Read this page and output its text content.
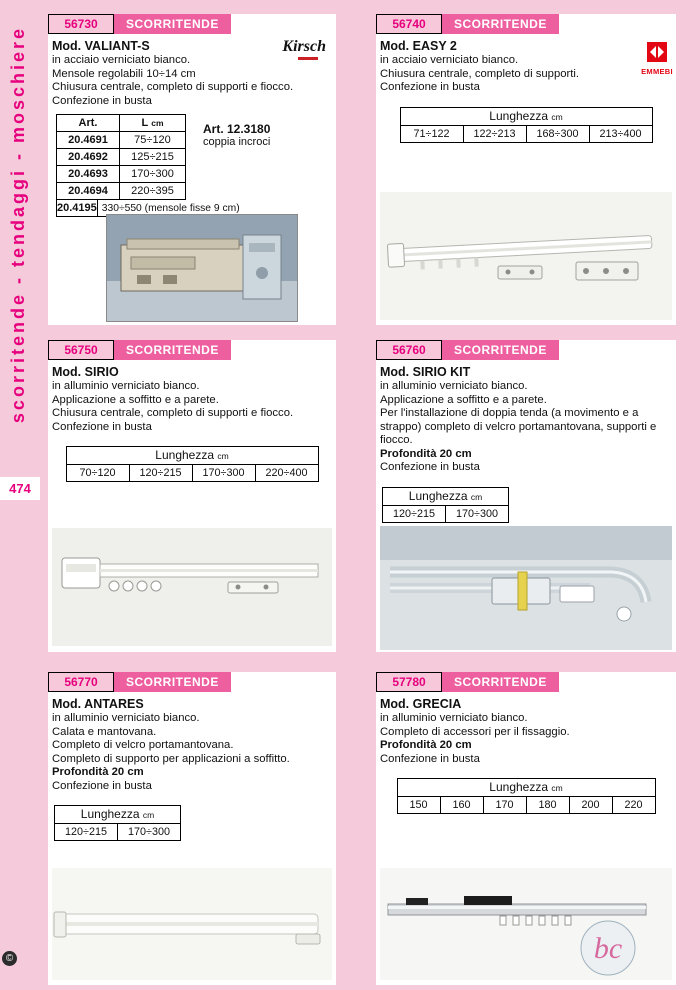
scorritende - tendaggi - moschiere
474
©
56730	SCORRITENDE
Kirsch
Mod. VALIANT-S

in acciaio verniciato bianco.

Mensole regolabili 10÷14 cm

Chiusura centrale, completo di supporti e fiocco.

Confezione in busta

Art.	L
cm
20.4691	75÷120
20.4692	125÷215
20.4693	170÷300
20.4694	220÷395
20.4195 330÷550 (mensole fisse 9 cm)

Art. 12.3180

coppia incroci

56740	SCORRITENDE
EMMEBI
Mod. EASY 2

in acciaio verniciato bianco.

Chiusura centrale, completo di supporti.

Confezione in busta

Lunghezza cm
71÷122	122÷213	168÷300	213÷400
56750	SCORRITENDE
Mod. SIRIO

in alluminio verniciato bianco.

Applicazione a soffitto e a parete.

Chiusura centrale, completo di supporti e fiocco.

Confezione in busta

Lunghezza cm
70÷120	120÷215	170÷300	220÷400
56760	SCORRITENDE
Mod. SIRIO KIT

in alluminio verniciato bianco.

Applicazione a soffitto e a parete.

Per l'installazione di doppia tenda (a movimento e a strappo) completo di velcro portamantovana, supporti e fiocco.

Profondità 20 cm

Confezione in busta

Lunghezza cm
120÷215	170÷300
56770	SCORRITENDE
Mod. ANTARES

in alluminio verniciato bianco.

Calata e mantovana.

Completo di velcro portamantovana.

Completo di supporto per applicazioni a soffitto.

Profondità 20 cm

Confezione in busta

Lunghezza cm
120÷215	170÷300
57780	SCORRITENDE
Mod. GRECIA

in alluminio verniciato bianco.

Completo di accessori per il fissaggio.

Profondità 20 cm

Confezione in busta

Lunghezza cm
150	160	170	180	200	220
bc
